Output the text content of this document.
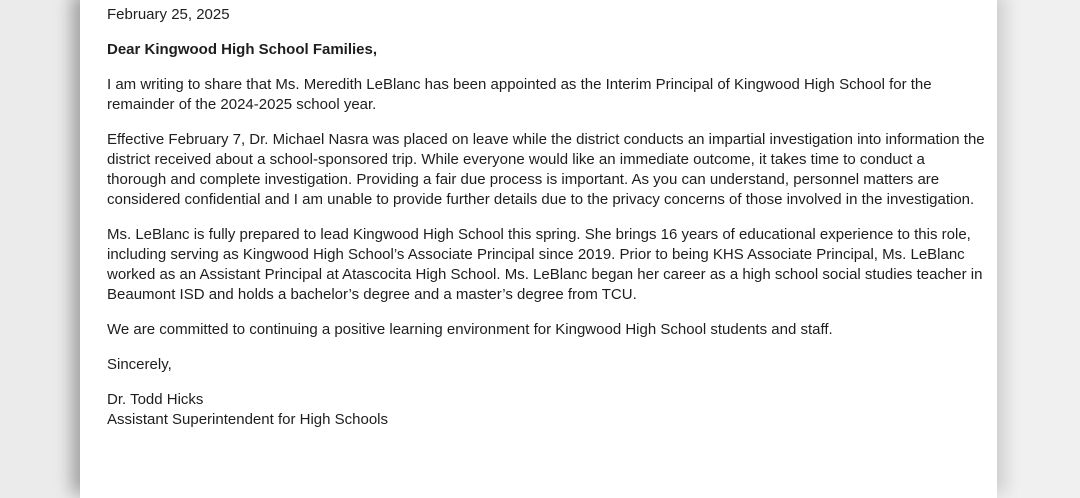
February 25, 2025

Dear Kingwood High School Families,

I am writing to share that Ms. Meredith LeBlanc has been appointed as the Interim Principal of Kingwood High School for the remainder of the 2024-2025 school year.

Effective February 7, Dr. Michael Nasra was placed on leave while the district conducts an impartial investigation into information the district received about a school-sponsored trip. While everyone would like an immediate outcome, it takes time to conduct a thorough and complete investigation. Providing a fair due process is important. As you can understand, personnel matters are considered confidential and I am unable to provide further details due to the privacy concerns of those involved in the investigation.

Ms. LeBlanc is fully prepared to lead Kingwood High School this spring. She brings 16 years of educational experience to this role, including serving as Kingwood High School’s Associate Principal since 2019. Prior to being KHS Associate Principal, Ms. LeBlanc worked as an Assistant Principal at Atascocita High School. Ms. LeBlanc began her career as a high school social studies teacher in Beaumont ISD and holds a bachelor’s degree and a master’s degree from TCU.

We are committed to continuing a positive learning environment for Kingwood High School students and staff.

Sincerely,

Dr. Todd Hicks

Assistant Superintendent for High Schools
